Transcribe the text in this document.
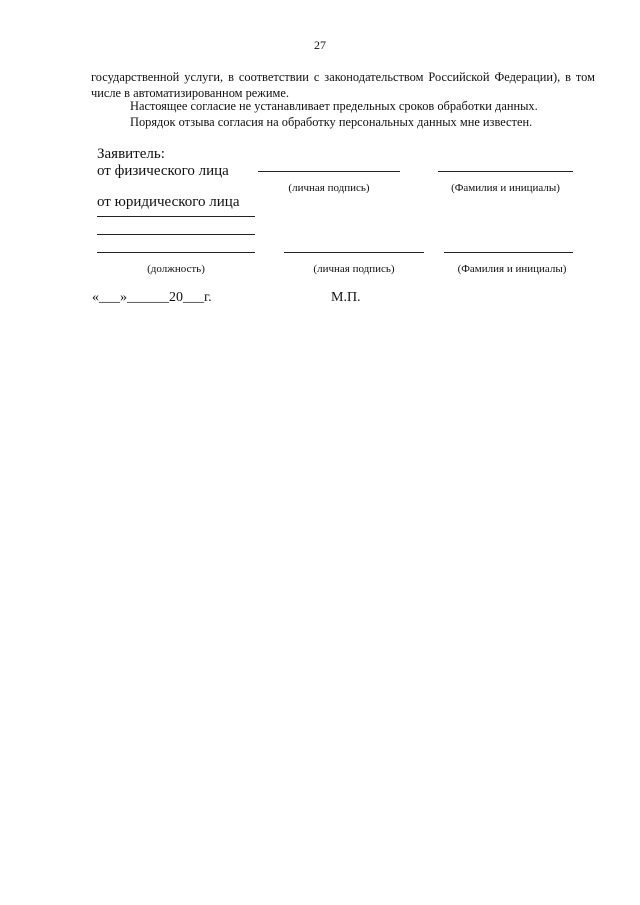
27
государственной услуги, в соответствии с законодательством Российской Федерации), в том числе в автоматизированном режиме.
Настоящее согласие не устанавливает предельных сроков обработки данных.
Порядок отзыва согласия на обработку персональных данных мне известен.
Заявитель:
от физического лица
(личная подпись)	(Фамилия и инициалы)
от юридического лица
(должность)	(личная подпись)	(Фамилия и инициалы)
«___»______20___г.	М.П.
